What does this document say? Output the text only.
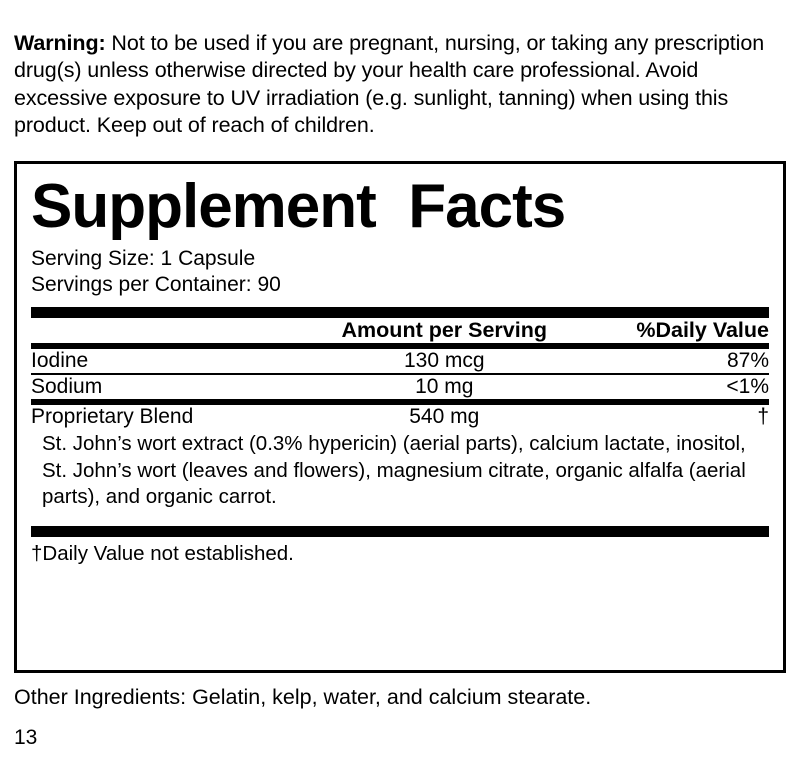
Warning: Not to be used if you are pregnant, nursing, or taking any prescription drug(s) unless otherwise directed by your health care professional. Avoid excessive exposure to UV irradiation (e.g. sunlight, tanning) when using this product. Keep out of reach of children.

Supplement  Facts
Serving Size: 1 Capsule
Servings per Container: 90
	Amount per Serving	%Daily Value
Iodine	130 mcg	87%

Sodium	10 mg	<1%
Proprietary Blend	540 mg	†
St. John’s wort extract (0.3% hypericin) (aerial parts), calcium lactate, inositol, St. John’s wort (leaves and flowers), magnesium citrate, organic alfalfa (aerial parts), and organic carrot.
†Daily Value not established.
Other Ingredients: Gelatin, kelp, water, and calcium stearate.
13
